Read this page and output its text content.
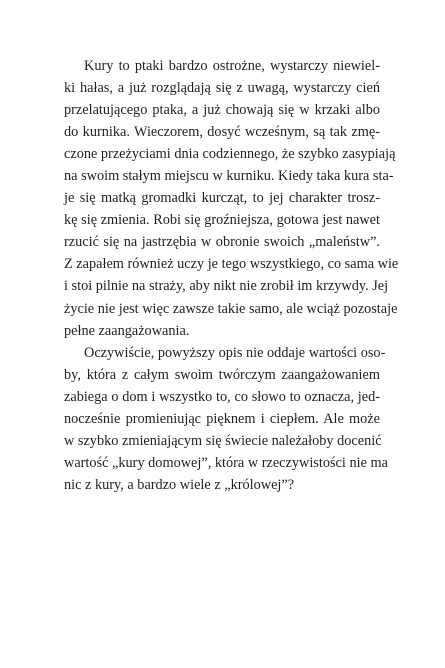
Kury to ptaki bardzo ostrożne, wystarczy niewiel-
ki hałas, a już rozglądają się z uwagą, wystarczy cień
przelatującego ptaka, a już chowają się w krzaki albo
do kurnika. Wieczorem, dosyć wcześnym, są tak zmę-
czone przeżyciami dnia codziennego, że szybko zasypiają
na swoim stałym miejscu w kurniku. Kiedy taka kura sta-
je się matką gromadki kurcząt, to jej charakter trosz-
kę się zmienia. Robi się groźniejsza, gotowa jest nawet
rzucić się na jastrzębia w obronie swoich „maleństw”.
Z zapałem również uczy je tego wszystkiego, co sama wie
i stoi pilnie na straży, aby nikt nie zrobił im krzywdy. Jej
życie nie jest więc zawsze takie samo, ale wciąż pozostaje
pełne zaangażowania.
Oczywiście, powyższy opis nie oddaje wartości oso-
by, która z całym swoim twórczym zaangażowaniem
zabiega o dom i wszystko to, co słowo to oznacza, jed-
nocześnie promieniując pięknem i ciepłem. Ale może
w szybko zmieniającym się świecie należałoby docenić
wartość „kury domowej”, która w rzeczywistości nie ma
nic z kury, a bardzo wiele z „królowej”?
